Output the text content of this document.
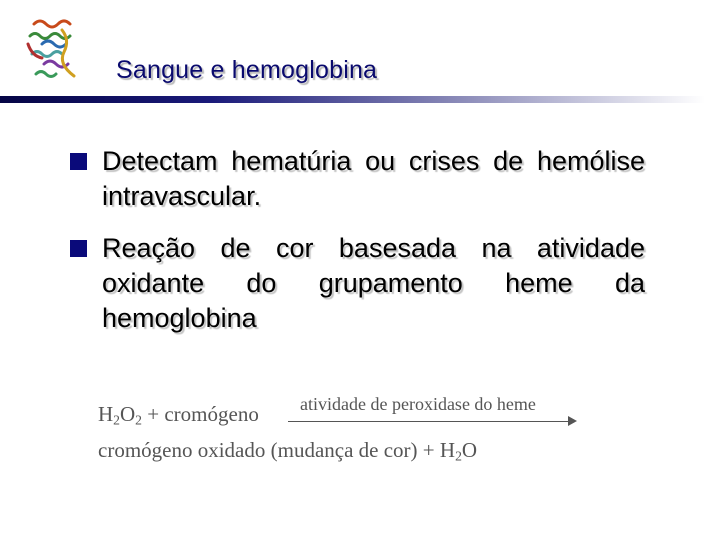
Sangue e hemoglobina
Detectam hematúria ou crises de hemólise intravascular.
Reação de cor basesada na atividade oxidante do grupamento heme da hemoglobina
$H_2O_2$ + cromógeno atividade de peroxidase do heme
cromógeno oxidado (mudança de $cor) + H_2O$
